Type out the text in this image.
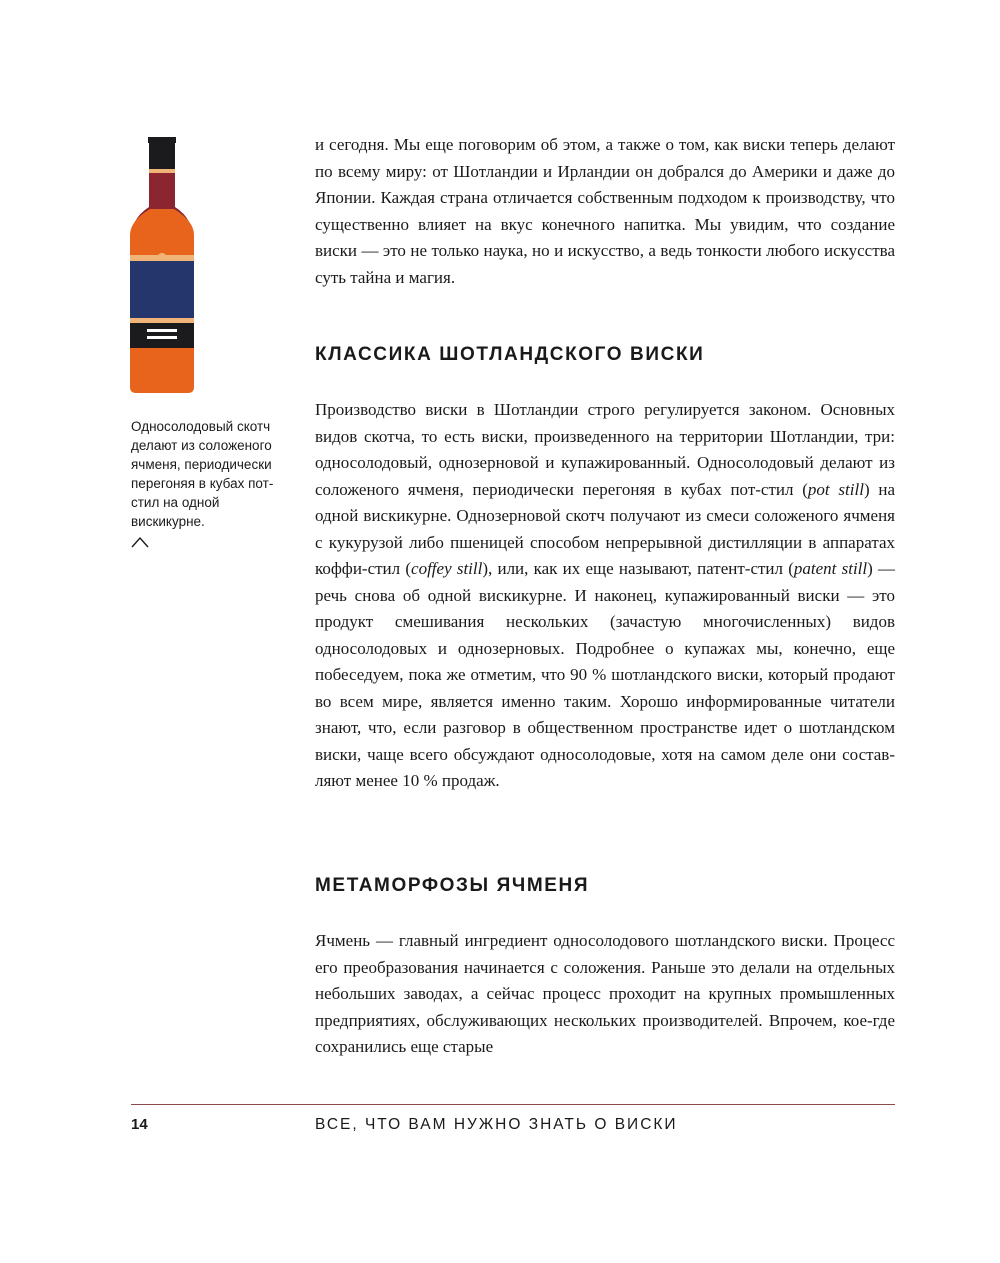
Односолодовый скотч делают из соложеного ячменя, периодически перегоняя в кубах пот-стил на одной вискикурне.

и сегодня. Мы еще поговорим об этом, а также о том, как виски теперь делают по всему миру: от Шотландии и Ирландии он добрался до Америки и даже до Японии. Каждая страна отличается собственным подходом к производству, что существенно влияет на вкус конечного напитка. Мы увидим, что создание виски — это не только наука, но и искусство, а ведь тонкости любого искусства суть тайна и магия.

КЛАССИКА ШОТЛАНДСКОГО ВИСКИ

Производство виски в Шотландии строго регулируется законом. Основных видов скотча, то есть виски, произведенного на территории Шотландии, три: односолодовый, однозерновой и купажированный. Односолодовый делают из соложеного ячменя, периодически перегоняя в кубах пот-стил (pot still) на одной вискикурне. Однозерновой скотч получают из смеси соложеного ячменя с кукурузой либо пшеницей способом непрерывной дистилляции в аппаратах коффи-стил (coffey still), или, как их еще называют, патент-стил (patent still) — речь снова об одной вискикурне. И наконец, купажированный виски — это продукт смешивания нескольких (зачастую многочисленных) видов односолодовых и однозерновых. Подробнее о купажах мы, конечно, еще побеседуем, пока же отметим, что 90 % шотландского виски, который продают во всем мире, является именно таким. Хорошо информированные читатели знают, что, если разговор в общественном пространстве идет о шотландском виски, чаще всего обсуждают односолодовые, хотя на самом деле они составляют менее 10 % продаж.

МЕТАМОРФОЗЫ ЯЧМЕНЯ

Ячмень — главный ингредиент односолодового шотландского виски. Процесс его преобразования начинается с соложения. Раньше это делали на отдельных небольших заводах, а сейчас процесс проходит на крупных промышленных предприятиях, обслуживающих нескольких производителей. Впрочем, кое-где сохранились еще старые

14	ВСЕ, ЧТО ВАМ НУЖНО ЗНАТЬ О ВИСКИ
